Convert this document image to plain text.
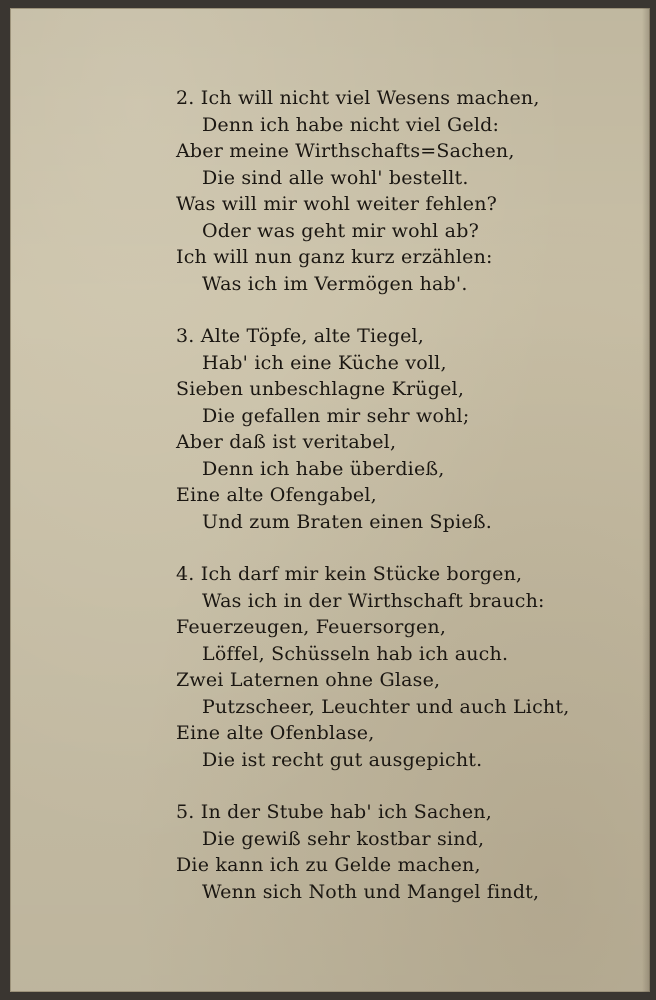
2. Ich will nicht viel Wesens machen,
Denn ich habe nicht viel Geld:
Aber meine Wirthschafts=Sachen,
Die sind alle wohl' bestellt.
Was will mir wohl weiter fehlen?
Oder was geht mir wohl ab?
Ich will nun ganz kurz erzählen:
Was ich im Vermögen hab'.
3. Alte Töpfe, alte Tiegel,
Hab' ich eine Küche voll,
Sieben unbeschlagne Krügel,
Die gefallen mir sehr wohl;
Aber daß ist veritabel,
Denn ich habe überdieß,
Eine alte Ofengabel,
Und zum Braten einen Spieß.
4. Ich darf mir kein Stücke borgen,
Was ich in der Wirthschaft brauch:
Feuerzeugen, Feuersorgen,
Löffel, Schüsseln hab ich auch.
Zwei Laternen ohne Glase,
Putzscheer, Leuchter und auch Licht,
Eine alte Ofenblase,
Die ist recht gut ausgepicht.
5. In der Stube hab' ich Sachen,
Die gewiß sehr kostbar sind,
Die kann ich zu Gelde machen,
Wenn sich Noth und Mangel findt,
